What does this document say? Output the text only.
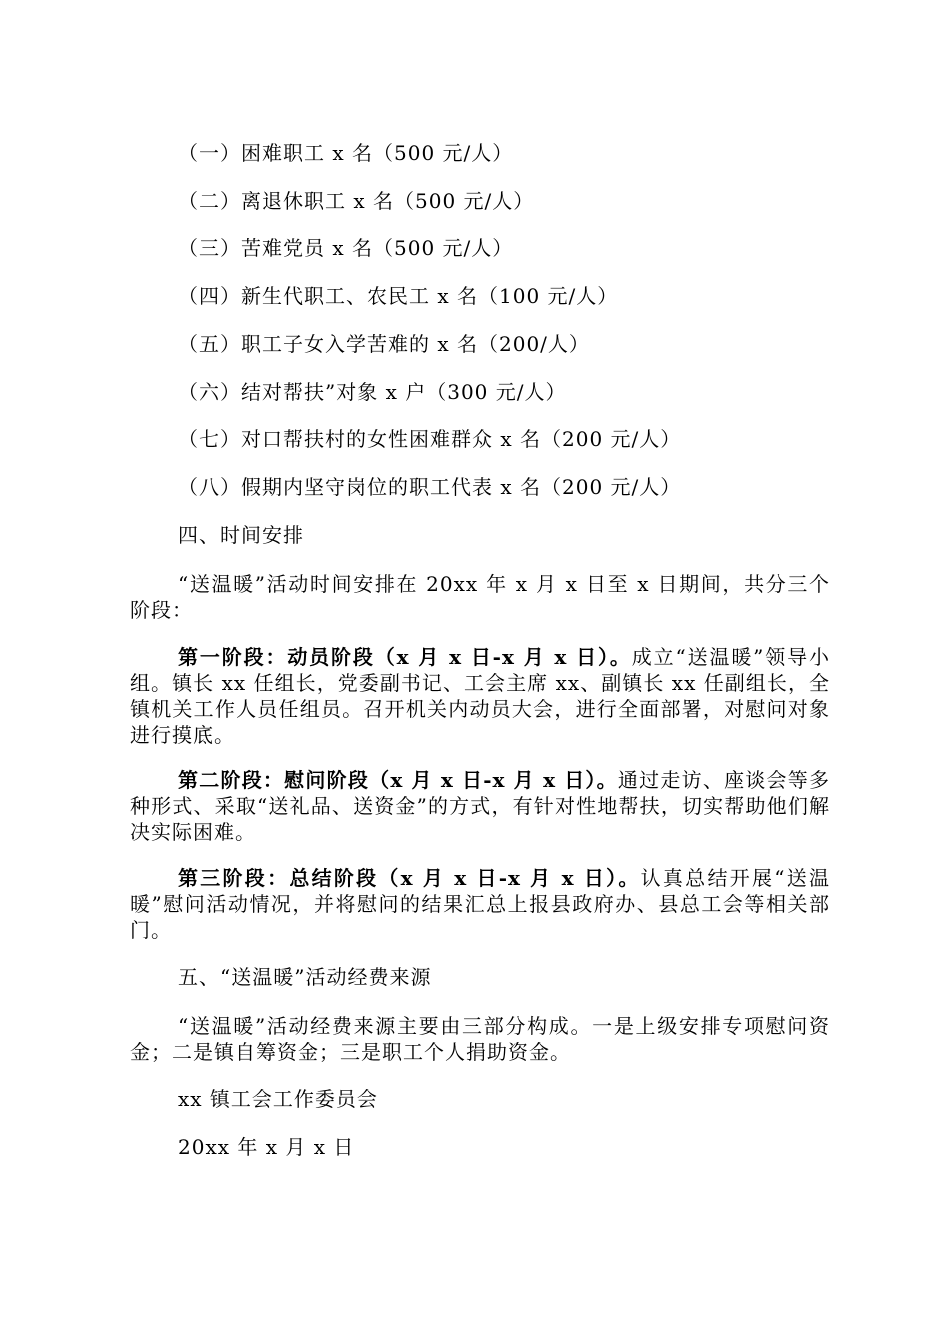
（一）困难职工 x 名（500 元/人）

（二）离退休职工 x 名（500 元/人）

（三）苦难党员 x 名（500 元/人）

（四）新生代职工、农民工 x 名（100 元/人）

（五）职工子女入学苦难的 x 名（200/人）

（六）结对帮扶”对象 x 户（300 元/人）

（七）对口帮扶村的女性困难群众 x 名（200 元/人）

（八）假期内坚守岗位的职工代表 x 名（200 元/人）

四、时间安排

“送温暖”活动时间安排在 20xx 年 x 月 x 日至 x 日期间，共分三个阶段：

第一阶段：动员阶段（x 月 x 日-x 月 x 日）。成立“送温暖”领导小组。镇长 xx 任组长，党委副书记、工会主席 xx、副镇长 xx 任副组长，全镇机关工作人员任组员。召开机关内动员大会，进行全面部署，对慰问对象进行摸底。

第二阶段：慰问阶段（x 月 x 日-x 月 x 日）。通过走访、座谈会等多种形式、采取“送礼品、送资金”的方式，有针对性地帮扶，切实帮助他们解决实际困难。

第三阶段：总结阶段（x 月 x 日-x 月 x 日）。认真总结开展“送温暖”慰问活动情况，并将慰问的结果汇总上报县政府办、县总工会等相关部门。

五、“送温暖”活动经费来源

“送温暖”活动经费来源主要由三部分构成。一是上级安排专项慰问资金；二是镇自筹资金；三是职工个人捐助资金。

xx 镇工会工作委员会

20xx 年 x 月 x 日
